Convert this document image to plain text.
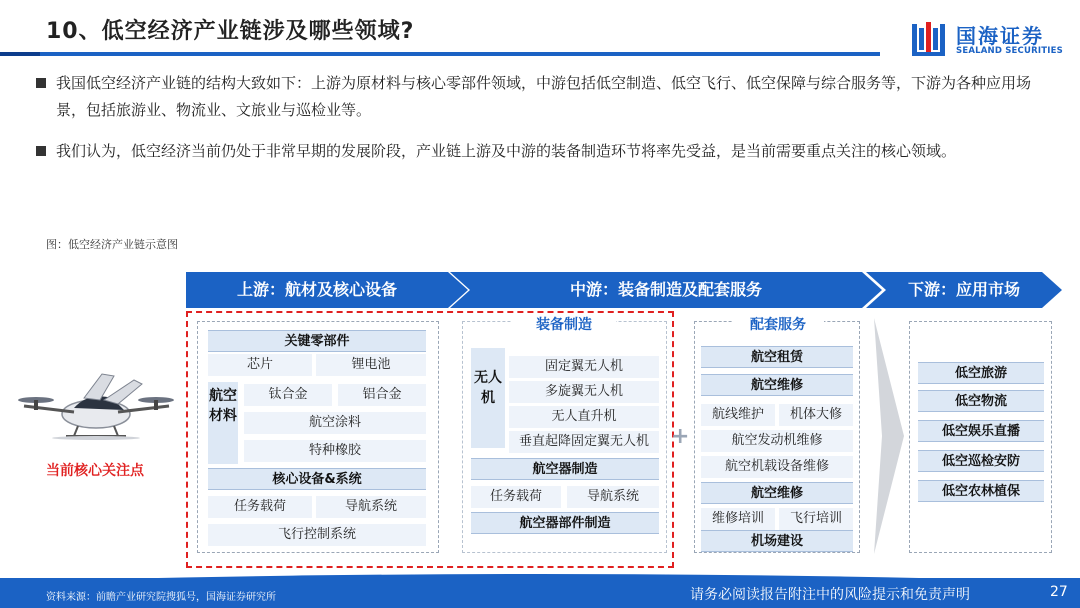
10、低空经济产业链涉及哪些领域?	国海证券
SEALAND SECURITIES
我国低空经济产业链的结构大致如下：上游为原材料与核心零部件领域，中游包括低空制造、低空飞行、低空保障与综合服务等，下游为各种应用场景，包括旅游业、物流业、文旅业与巡检业等。
我们认为，低空经济当前仍处于非常早期的发展阶段，产业链上游及中游的装备制造环节将率先受益，是当前需要重点关注的核心领域。
图：低空经济产业链示意图
上游：航材及核心设备	中游：装备制造及配套服务	下游：应用市场
当前核心关注点
关键零部件
芯片	锂电池
航空材料
钛合金	铝合金
航空涂料
特种橡胶
核心设备&系统
任务载荷	导航系统
飞行控制系统
装备制造
无人机
固定翼无人机
多旋翼无人机
无人直升机
垂直起降固定翼无人机
航空器制造
任务载荷	导航系统
航空器部件制造
+
配套服务
航空租赁
航空维修
航线维护	机体大修
航空发动机维修
航空机载设备维修
航空维修
维修培训	飞行培训
机场建设
低空旅游
低空物流
低空娱乐直播
低空巡检安防
低空农林植保
资料来源：前瞻产业研究院搜狐号，国海证券研究所	请务必阅读报告附注中的风险提示和免责声明	27
